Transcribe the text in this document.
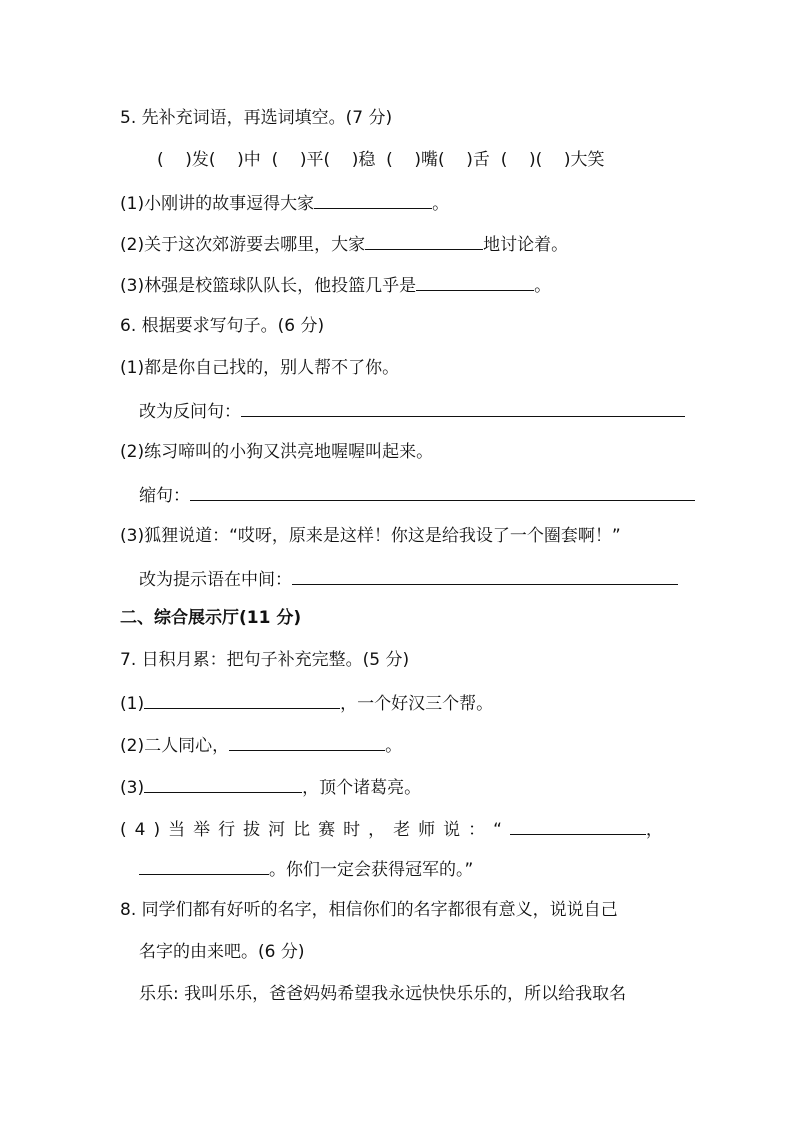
5. 先补充词语，再选词填空。(7 分)
(    )发(    )中  (    )平(    )稳  (    )嘴(    )舌  (    )(    )大笑
(1)小刚讲的故事逗得大家	。
(2)关于这次郊游要去哪里，大家	地讨论着。
(3)林强是校篮球队队长，他投篮几乎是	。
6. 根据要求写句子。(6 分)
(1)都是你自己找的，别人帮不了你。
改为反问句：
(2)练习啼叫的小狗又洪亮地喔喔叫起来。
缩句：
(3)狐狸说道：“哎呀，原来是这样！你这是给我设了一个圈套啊！”
改为提示语在中间：
二、综合展示厅(11 分)
7. 日积月累：把句子补充完整。(5 分)
(1)	，一个好汉三个帮。
(2)二人同心，	。
(3)	，顶个诸葛亮。
(4)当举行拔河比赛时，老师说：“	，
。你们一定会获得冠军的。”
8. 同学们都有好听的名字，相信你们的名字都很有意义，说说自己
名字的由来吧。(6 分)
乐乐: 我叫乐乐，爸爸妈妈希望我永远快快乐乐的，所以给我取名
